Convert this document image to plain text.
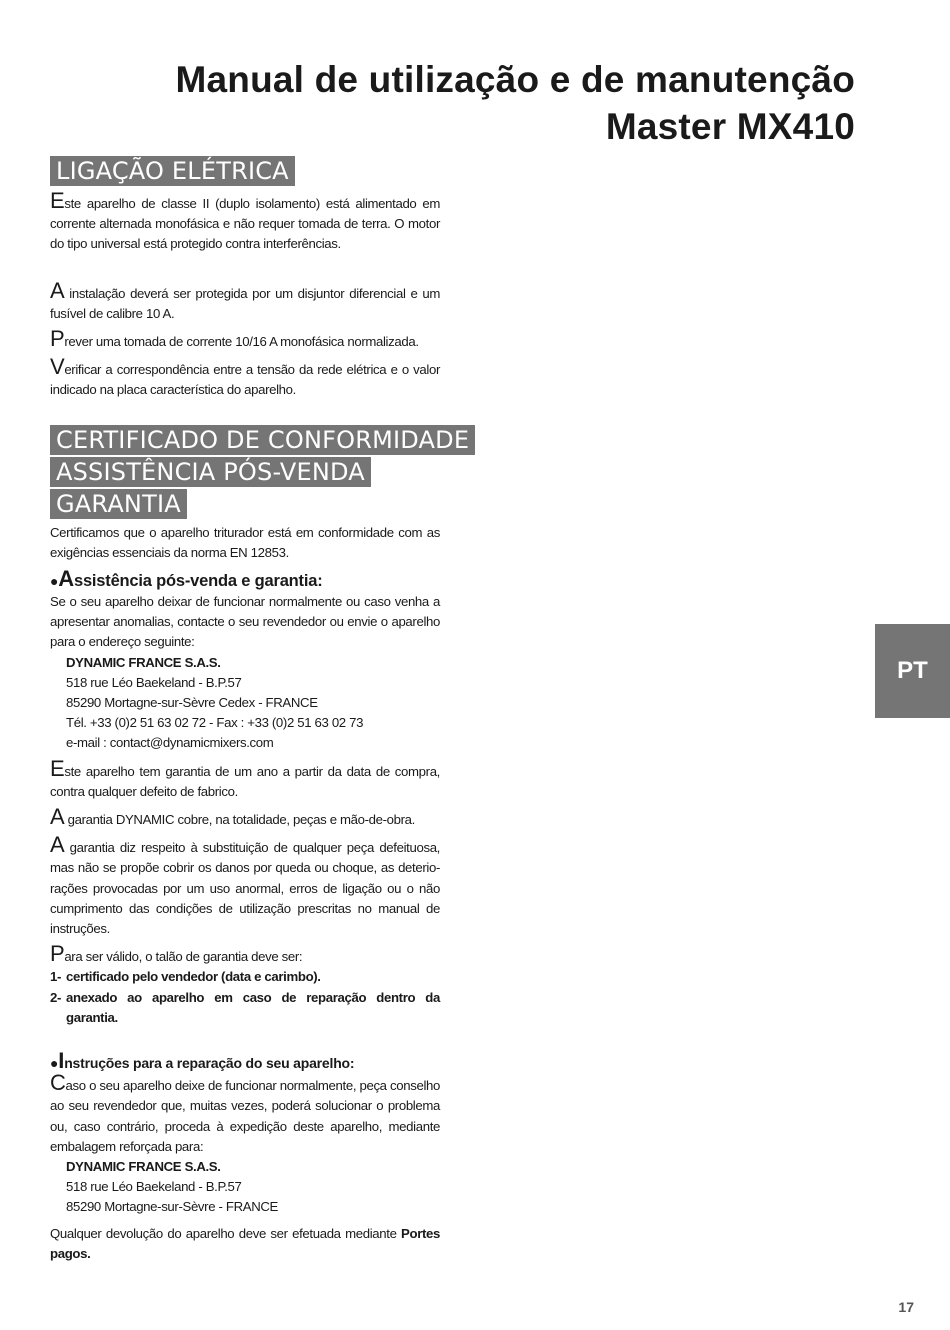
Manual de utilização e de manutenção
Master MX410
LIGAÇÃO ELÉTRICA

Este aparelho de classe II (duplo isolamento) está alimentado em corrente alternada monofásica e não requer tomada de terra. O motor do tipo universal está protegido contra interferências.

A instalação deverá ser protegida por um disjuntor diferencial e um fusível de calibre 10 A.

Prever uma tomada de corrente 10/16 A monofásica normalizada.

Verificar a correspondência entre a tensão da rede elétrica e o valor indicado na placa característica do aparelho.

CERTIFICADO DE CONFORMIDADE
ASSISTÊNCIA PÓS-VENDA
GARANTIA

Certificamos que o aparelho triturador está em conformidade com as exigências essenciais da norma EN 12853.

●Assistência pós-venda e garantia:

Se o seu aparelho deixar de funcionar normalmente ou caso venha a apresentar anomalias, contacte o seu revendedor ou envie o aparelho para o endereço seguinte:

DYNAMIC FRANCE S.A.S.
518 rue Léo Baekeland - B.P.57
85290 Mortagne-sur-Sèvre Cedex - FRANCE
Tél. +33 (0)2 51 63 02 72 - Fax : +33 (0)2 51 63 02 73
e-mail : contact@dynamicmixers.com

Este aparelho tem garantia de um ano a partir da data de compra, contra qualquer defeito de fabrico.

A garantia DYNAMIC cobre, na totalidade, peças e mão-de-obra.

A garantia diz respeito à substituição de qualquer peça defeituosa, mas não se propõe cobrir os danos por queda ou choque, as deterio-rações provocadas por um uso anormal, erros de ligação ou o não cumprimento das condições de utilização prescritas no manual de instruções.

Para ser válido, o talão de garantia deve ser:

1- certificado pelo vendedor (data e carimbo).
2- anexado ao aparelho em caso de reparação dentro da garantia.
●Instruções para a reparação do seu aparelho:

Caso o seu aparelho deixe de funcionar normalmente, peça conselho ao seu revendedor que, muitas vezes, poderá solucionar o problema ou, caso contrário, proceda à expedição deste aparelho, mediante embalagem reforçada para:

DYNAMIC FRANCE S.A.S.
518 rue Léo Baekeland - B.P.57
85290 Mortagne-sur-Sèvre - FRANCE

Qualquer devolução do aparelho deve ser efetuada mediante Portes pagos.

PT
17
